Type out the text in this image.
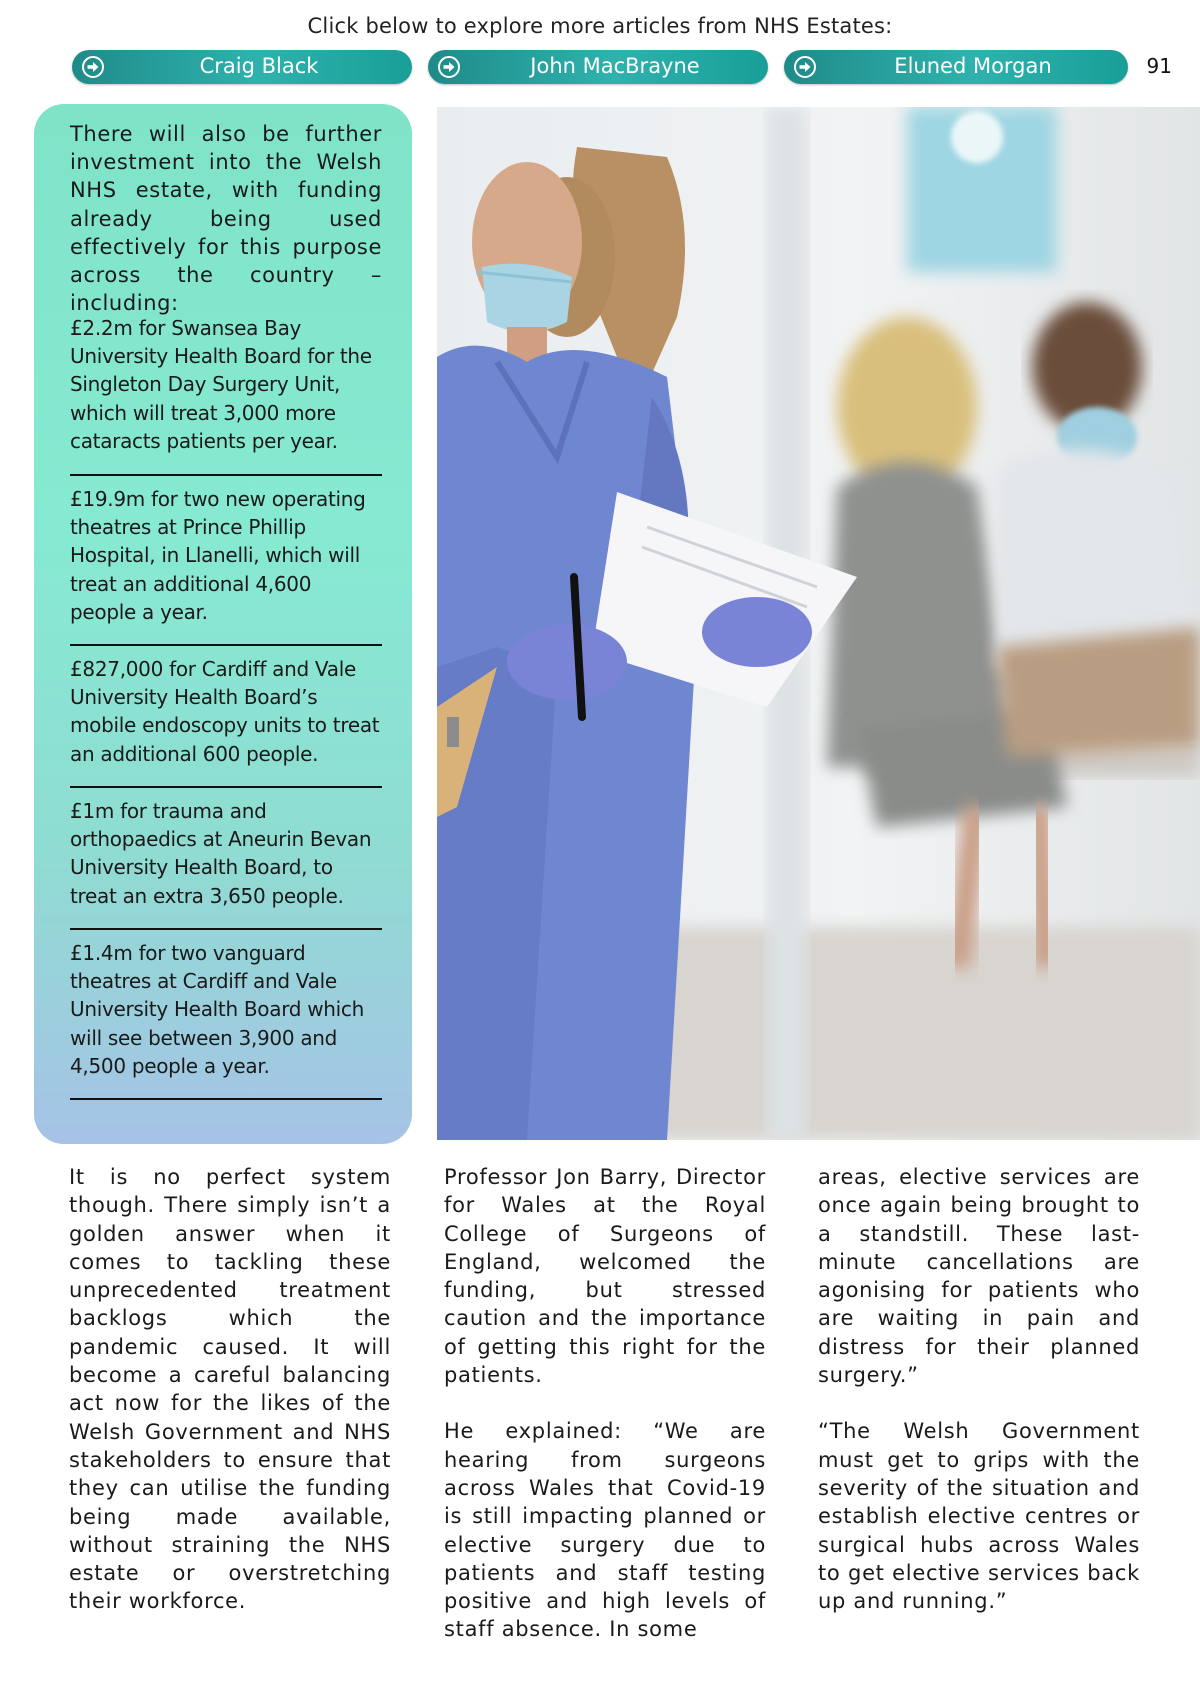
Click below to explore more articles from NHS Estates:
Craig Black	John MacBrayne	Eluned Morgan	91
There will also be further investment into the Welsh NHS estate, with funding already being used effectively for this purpose across the country – including:
£2.2m for Swansea Bay University Health Board for the Singleton Day Surgery Unit, which will treat 3,000 more cataracts patients per year.
£19.9m for two new operating theatres at Prince Phillip Hospital, in Llanelli, which will treat an additional 4,600 people a year.
£827,000 for Cardiff and Vale University Health Board’s mobile endoscopy units to treat an additional 600 people.
£1m for trauma and orthopaedics at Aneurin Bevan University Health Board, to treat an extra 3,650 people.
£1.4m for two vanguard theatres at Cardiff and Vale University Health Board which will see between 3,900 and 4,500 people a year.

It is no perfect system though. There simply isn’t a golden answer when it comes to tackling these unprecedented treatment backlogs which the pandemic caused. It will become a careful balancing act now for the likes of the Welsh Government and NHS stakeholders to ensure that they can utilise the funding being made available, without straining the NHS estate or overstretching their workforce.

Professor Jon Barry, Director for Wales at the Royal College of Surgeons of England, welcomed the funding, but stressed caution and the importance of getting this right for the patients.

He explained: “We are hearing from surgeons across Wales that Covid-19 is still impacting planned or elective surgery due to patients and staff testing positive and high levels of staff absence. In some

areas, elective services are once again being brought to a standstill. These last-minute cancellations are agonising for patients who are waiting in pain and distress for their planned surgery.”

“The Welsh Government must get to grips with the severity of the situation and establish elective centres or surgical hubs across Wales to get elective services back up and running.”
